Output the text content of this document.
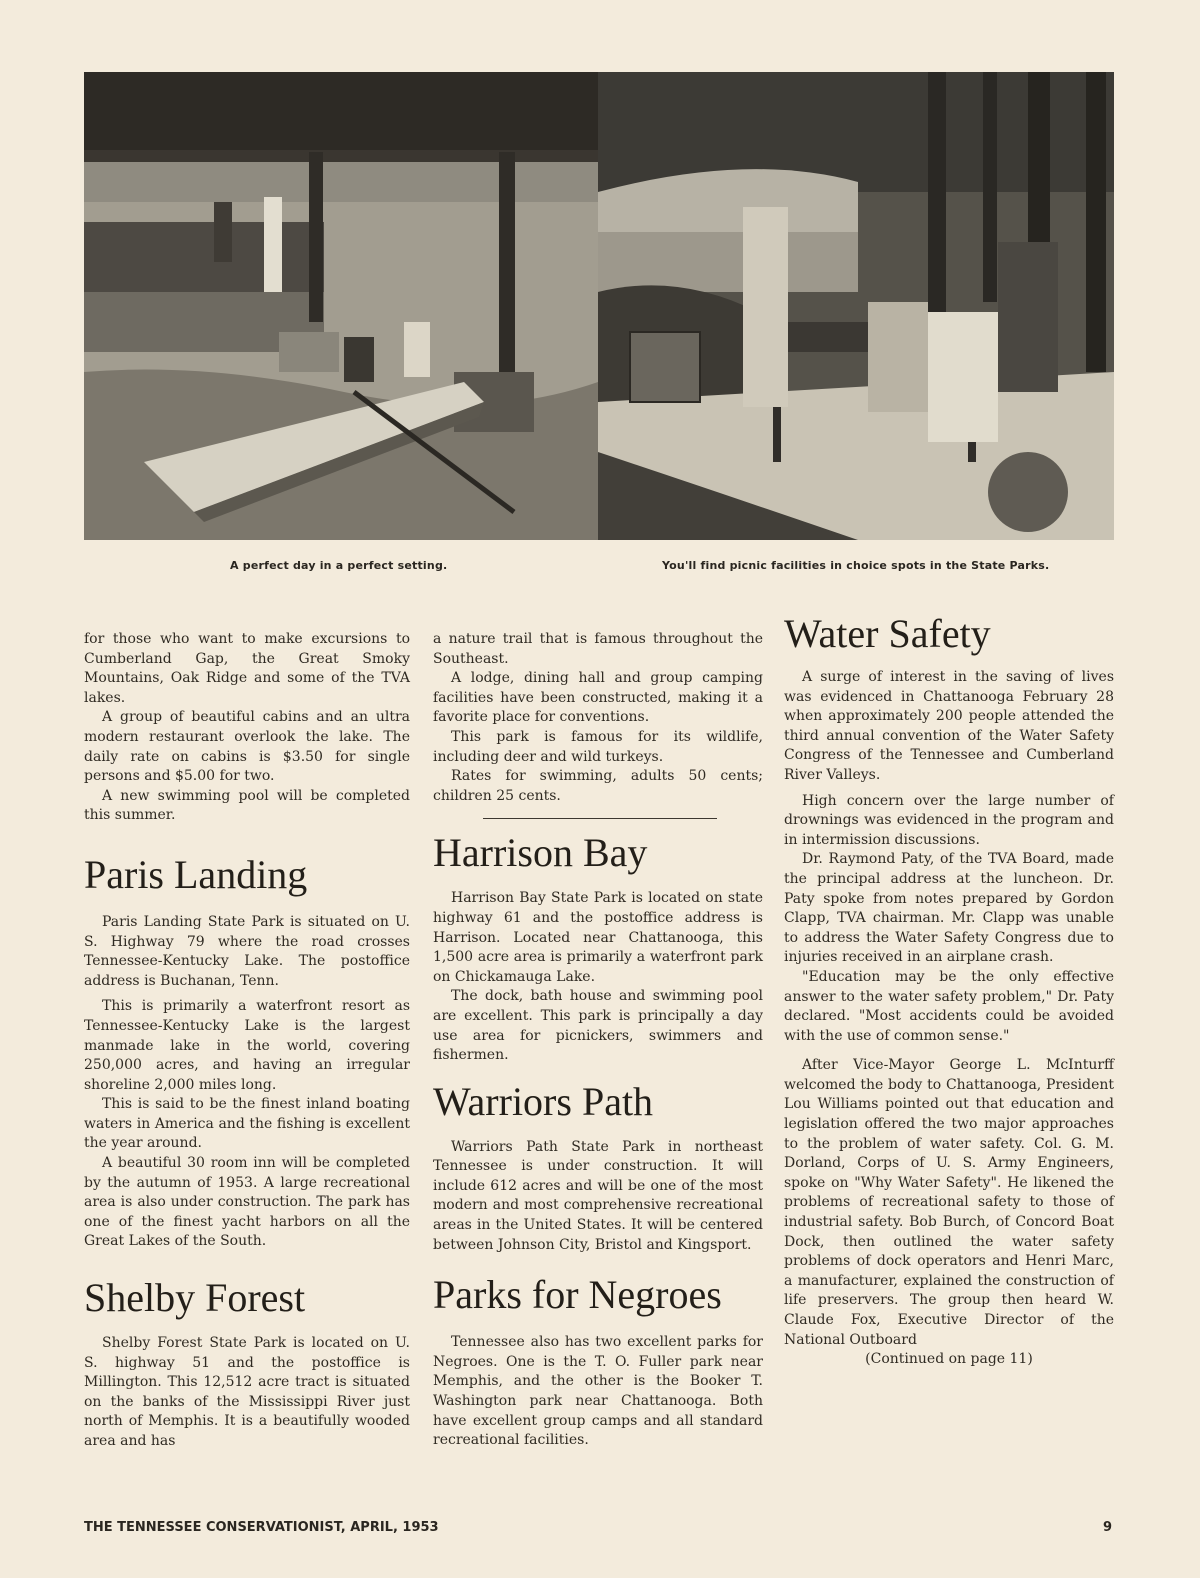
A perfect day in a perfect setting.	You'll find picnic facilities in choice spots in the State Parks.

for those who want to make excursions to Cumberland Gap, the Great Smoky Mountains, Oak Ridge and some of the TVA lakes.

A group of beautiful cabins and an ultra modern restaurant overlook the lake. The daily rate on cabins is $3.50 for single persons and $5.00 for two.

A new swimming pool will be completed this summer.

Paris Landing

Paris Landing State Park is situated on U. S. Highway 79 where the road crosses Tennessee-Kentucky Lake. The postoffice address is Buchanan, Tenn.

This is primarily a waterfront resort as Tennessee-Kentucky Lake is the largest manmade lake in the world, covering 250,000 acres, and having an irregular shoreline 2,000 miles long.

This is said to be the finest inland boating waters in America and the fishing is excellent the year around.

A beautiful 30 room inn will be completed by the autumn of 1953. A large recreational area is also under construction. The park has one of the finest yacht harbors on all the Great Lakes of the South.

Shelby Forest

Shelby Forest State Park is located on U. S. highway 51 and the postoffice is Millington. This 12,512 acre tract is situated on the banks of the Mississippi River just north of Memphis. It is a beautifully wooded area and has

a nature trail that is famous throughout the Southeast.

A lodge, dining hall and group camping facilities have been constructed, making it a favorite place for conventions.

This park is famous for its wildlife, including deer and wild turkeys.

Rates for swimming, adults 50 cents; children 25 cents.

Harrison Bay

Harrison Bay State Park is located on state highway 61 and the postoffice address is Harrison. Located near Chattanooga, this 1,500 acre area is primarily a waterfront park on Chickamauga Lake.

The dock, bath house and swimming pool are excellent. This park is principally a day use area for picnickers, swimmers and fishermen.

Warriors Path

Warriors Path State Park in northeast Tennessee is under construction. It will include 612 acres and will be one of the most modern and most comprehensive recreational areas in the United States. It will be centered between Johnson City, Bristol and Kingsport.

Parks for Negroes

Tennessee also has two excellent parks for Negroes. One is the T. O. Fuller park near Memphis, and the other is the Booker T. Washington park near Chattanooga. Both have excellent group camps and all standard recreational facilities.

Water Safety

A surge of interest in the saving of lives was evidenced in Chattanooga February 28 when approximately 200 people attended the third annual convention of the Water Safety Congress of the Tennessee and Cumberland River Valleys.

High concern over the large number of drownings was evidenced in the program and in intermission discussions.

Dr. Raymond Paty, of the TVA Board, made the principal address at the luncheon. Dr. Paty spoke from notes prepared by Gordon Clapp, TVA chairman. Mr. Clapp was unable to address the Water Safety Congress due to injuries received in an airplane crash.

"Education may be the only effective answer to the water safety problem," Dr. Paty declared. "Most accidents could be avoided with the use of common sense."

After Vice-Mayor George L. McInturff welcomed the body to Chattanooga, President Lou Williams pointed out that education and legislation offered the two major approaches to the problem of water safety. Col. G. M. Dorland, Corps of U. S. Army Engineers, spoke on "Why Water Safety". He likened the problems of recreational safety to those of industrial safety. Bob Burch, of Concord Boat Dock, then outlined the water safety problems of dock operators and Henri Marc, a manufacturer, explained the construction of life preservers. The group then heard W. Claude Fox, Executive Director of the National Outboard

(Continued on page 11)
THE TENNESSEE CONSERVATIONIST, APRIL, 1953	9
